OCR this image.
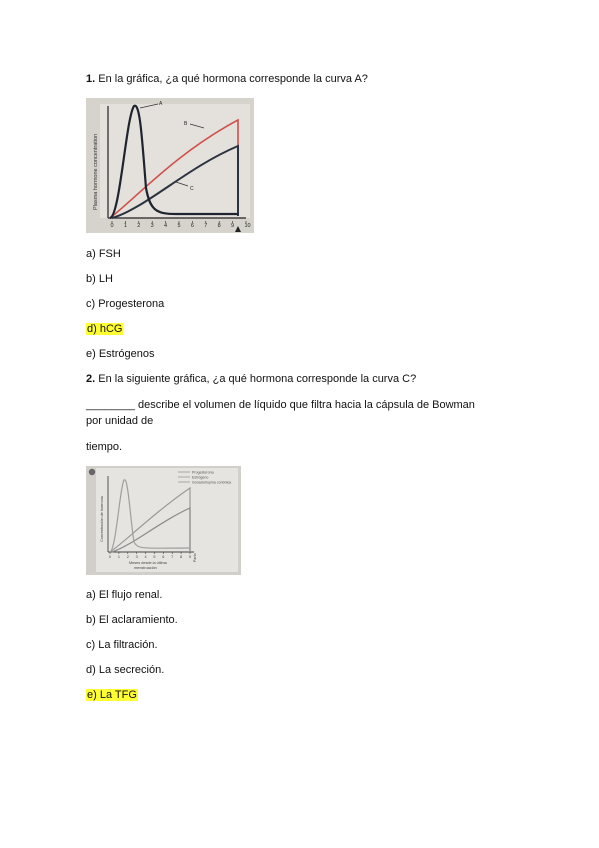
1. En la gráfica, ¿a qué hormona corresponde la curva A?
0 1 2 3 4 5 6 7 8 9 10
A
B
C
Plasma hormone concentration
a) FSH
b) LH
c) Progesterona
d) hCG
e) Estrógenos
2. En la siguiente gráfica, ¿a qué hormona corresponde la curva C?
________ describe el volumen de líquido que filtra hacia la cápsula de Bowman
por unidad de
tiempo.
Progesterona
Estrógeno
Gonadotropina coriónica
0 1 2 3 4 5 6 7 8 9
Concentración de hormona
Meses desde la última
menstruación
Parto
a) El flujo renal.
b) El aclaramiento.
c) La filtración.
d) La secreción.
e) La TFG
